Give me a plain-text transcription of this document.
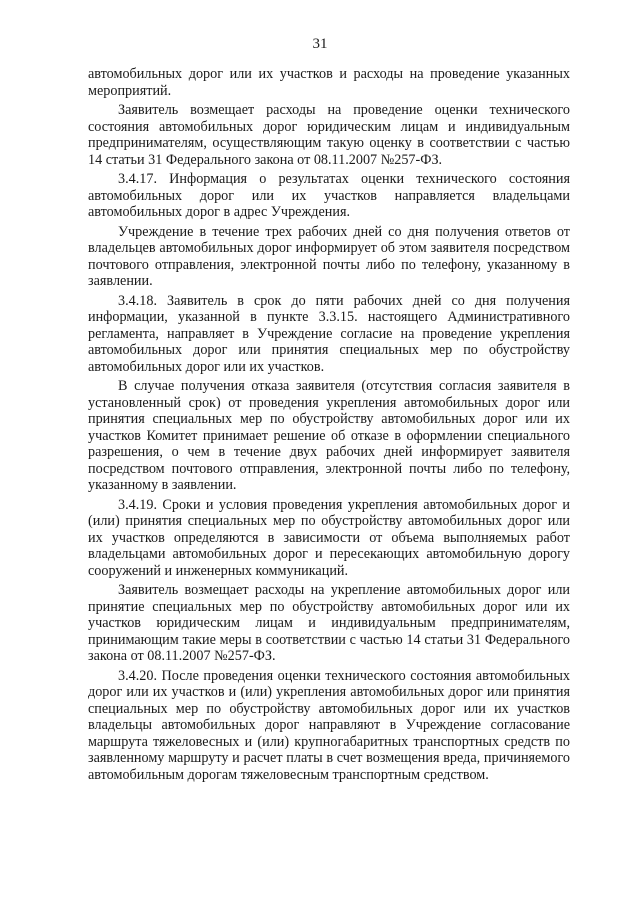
31

автомобильных дорог или их участков и расходы на проведение указанных мероприятий.

Заявитель возмещает расходы на проведение оценки технического состояния автомобильных дорог юридическим лицам и индивидуальным предпринимателям, осуществляющим такую оценку в соответствии с частью 14 статьи 31 Федерального закона от 08.11.2007 №257-ФЗ.

3.4.17. Информация о результатах оценки технического состояния автомобильных дорог или их участков направляется владельцами автомобильных дорог в адрес Учреждения.

Учреждение в течение трех рабочих дней со дня получения ответов от владельцев автомобильных дорог информирует об этом заявителя посредством почтового отправления, электронной почты либо по телефону, указанному в заявлении.

3.4.18. Заявитель в срок до пяти рабочих дней со дня получения информации, указанной в пункте 3.3.15. настоящего Административного регламента, направляет в Учреждение согласие на проведение укрепления автомобильных дорог или принятия специальных мер по обустройству автомобильных дорог или их участков.

В случае получения отказа заявителя (отсутствия согласия заявителя в установленный срок) от проведения укрепления автомобильных дорог или принятия специальных мер по обустройству автомобильных дорог или их участков Комитет принимает решение об отказе в оформлении специального разрешения, о чем в течение двух рабочих дней информирует заявителя посредством почтового отправления, электронной почты либо по телефону, указанному в заявлении.

3.4.19. Сроки и условия проведения укрепления автомобильных дорог и (или) принятия специальных мер по обустройству автомобильных дорог или их участков определяются в зависимости от объема выполняемых работ владельцами автомобильных дорог и пересекающих автомобильную дорогу сооружений и инженерных коммуникаций.

Заявитель возмещает расходы на укрепление автомобильных дорог или принятие специальных мер по обустройству автомобильных дорог или их участков юридическим лицам и индивидуальным предпринимателям, принимающим такие меры в соответствии с частью 14 статьи 31 Федерального закона от 08.11.2007 №257-ФЗ.

3.4.20. После проведения оценки технического состояния автомобильных дорог или их участков и (или) укрепления автомобильных дорог или принятия специальных мер по обустройству автомобильных дорог или их участков владельцы автомобильных дорог направляют в Учреждение согласование маршрута тяжеловесных и (или) крупногабаритных транспортных средств по заявленному маршруту и расчет платы в счет возмещения вреда, причиняемого автомобильным дорогам тяжеловесным транспортным средством.
